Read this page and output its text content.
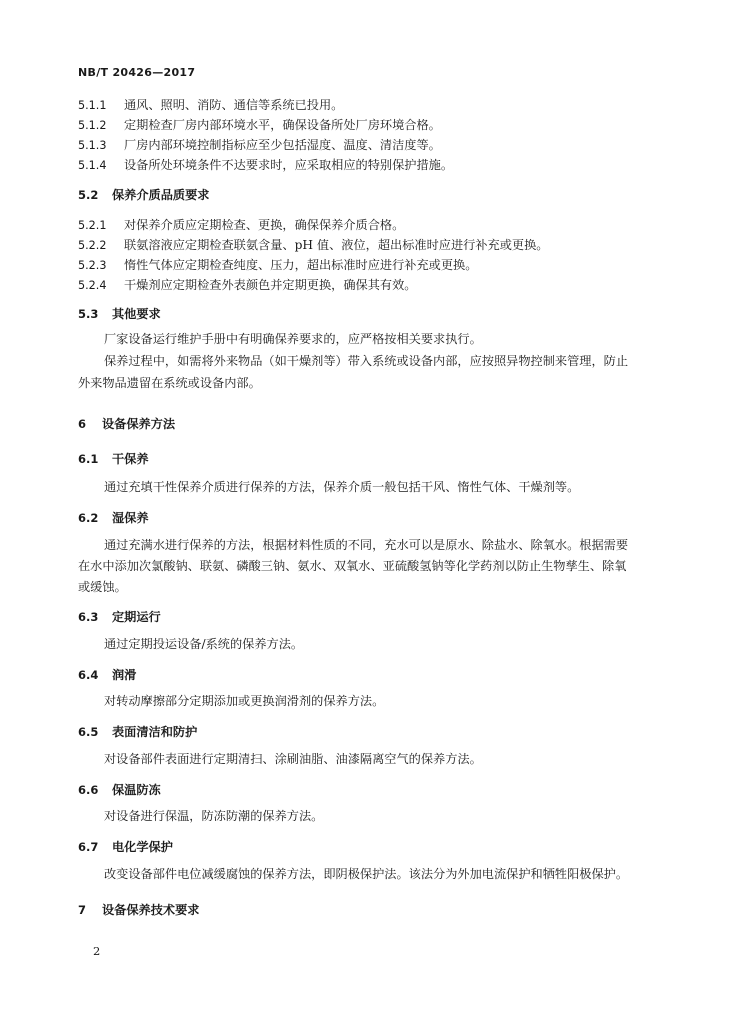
NB/T 20426—2017
5.1.1 通风、照明、消防、通信等系统已投用。
5.1.2 定期检查厂房内部环境水平，确保设备所处厂房环境合格。
5.1.3 厂房内部环境控制指标应至少包括湿度、温度、清洁度等。
5.1.4 设备所处环境条件不达要求时，应采取相应的特别保护措施。
5.2 保养介质品质要求
5.2.1 对保养介质应定期检查、更换，确保保养介质合格。
5.2.2 联氨溶液应定期检查联氨含量、pH 值、液位，超出标准时应进行补充或更换。
5.2.3 惰性气体应定期检查纯度、压力，超出标准时应进行补充或更换。
5.2.4 干燥剂应定期检查外表颜色并定期更换，确保其有效。
5.3 其他要求
厂家设备运行维护手册中有明确保养要求的，应严格按相关要求执行。
保养过程中，如需将外来物品（如干燥剂等）带入系统或设备内部，应按照异物控制来管理，防止
外来物品遗留在系统或设备内部。
6 设备保养方法
6.1 干保养
通过充填干性保养介质进行保养的方法，保养介质一般包括干风、惰性气体、干燥剂等。
6.2 湿保养
通过充满水进行保养的方法，根据材料性质的不同，充水可以是原水、除盐水、除氧水。根据需要
在水中添加次氯酸钠、联氨、磷酸三钠、氨水、双氧水、亚硫酸氢钠等化学药剂以防止生物孳生、除氧
或缓蚀。
6.3 定期运行
通过定期投运设备/系统的保养方法。
6.4 润滑
对转动摩擦部分定期添加或更换润滑剂的保养方法。
6.5 表面清洁和防护
对设备部件表面进行定期清扫、涂刷油脂、油漆隔离空气的保养方法。
6.6 保温防冻
对设备进行保温，防冻防潮的保养方法。
6.7 电化学保护
改变设备部件电位减缓腐蚀的保养方法，即阴极保护法。该法分为外加电流保护和牺牲阳极保护。
7 设备保养技术要求
2
